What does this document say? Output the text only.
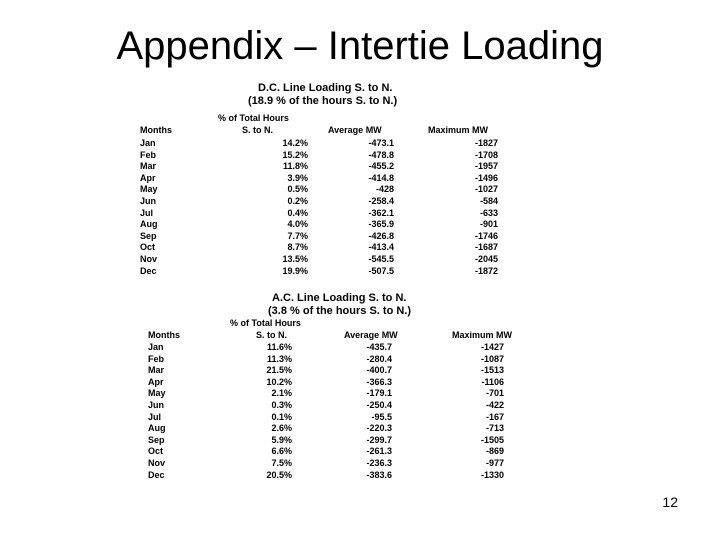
Appendix – Intertie Loading
D.C. Line Loading S. to N.
(18.9 % of the hours S. to N.)
% of Total Hours
Months	S. to N.	Average MW	Maximum MW
Jan	14.2%	-473.1	-1827
Feb	15.2%	-478.8	-1708
Mar	11.8%	-455.2	-1957
Apr	3.9%	-414.8	-1496
May	0.5%	-428	-1027
Jun	0.2%	-258.4	-584
Jul	0.4%	-362.1	-633
Aug	4.0%	-365.9	-901
Sep	7.7%	-426.8	-1746
Oct	8.7%	-413.4	-1687
Nov	13.5%	-545.5	-2045
Dec	19.9%	-507.5	-1872
A.C. Line Loading S. to N.
(3.8 % of the hours S. to N.)
% of Total Hours
Months	S. to N.	Average MW	Maximum MW
Jan	11.6%	-435.7	-1427
Feb	11.3%	-280.4	-1087
Mar	21.5%	-400.7	-1513
Apr	10.2%	-366.3	-1106
May	2.1%	-179.1	-701
Jun	0.3%	-250.4	-422
Jul	0.1%	-95.5	-167
Aug	2.6%	-220.3	-713
Sep	5.9%	-299.7	-1505
Oct	6.6%	-261.3	-869
Nov	7.5%	-236.3	-977
Dec	20.5%	-383.6	-1330
12
